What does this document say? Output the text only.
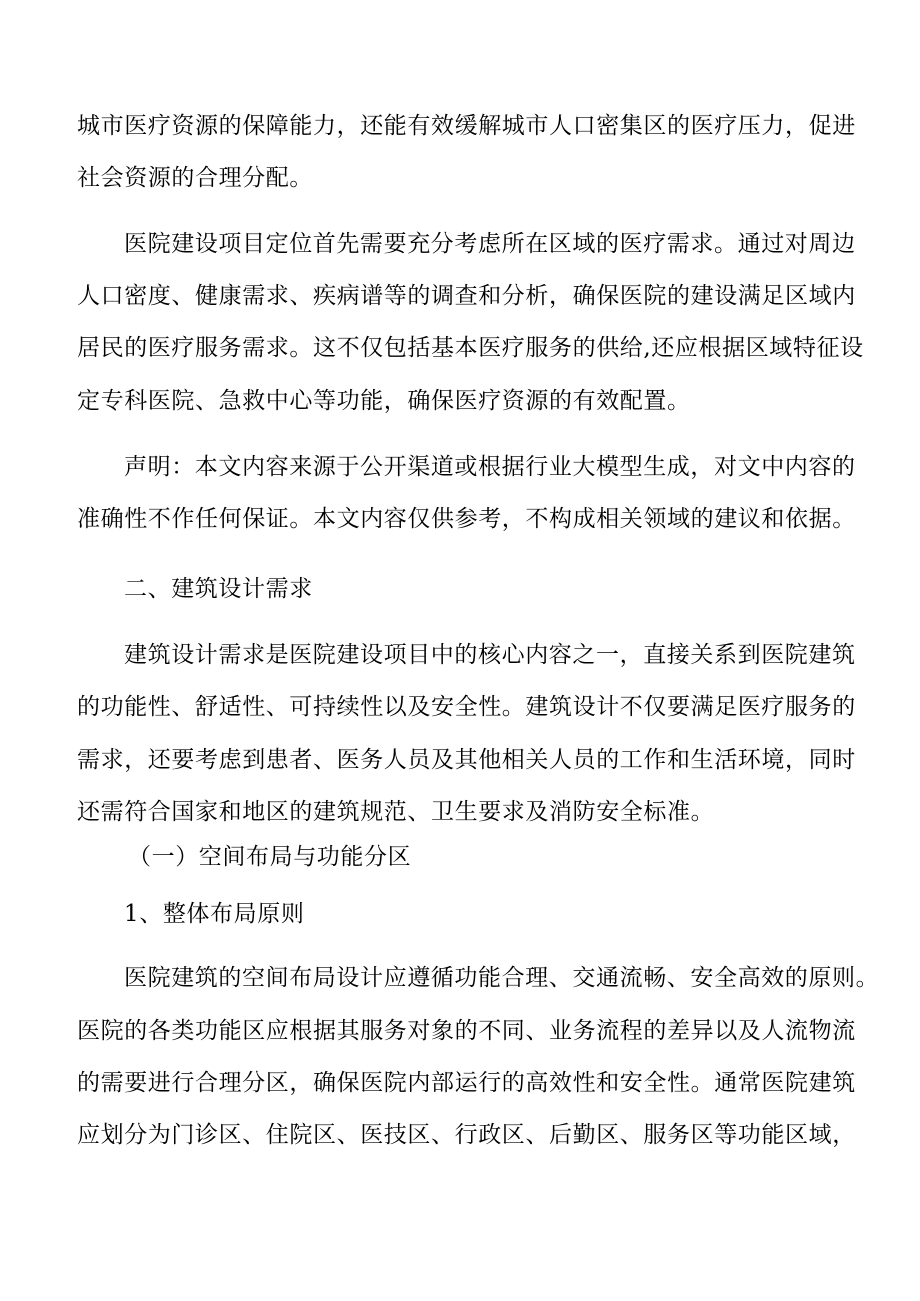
城市医疗资源的保障能力，还能有效缓解城市人口密集区的医疗压力，促进
社会资源的合理分配。
医院建设项目定位首先需要充分考虑所在区域的医疗需求。通过对周边
人口密度、健康需求、疾病谱等的调查和分析，确保医院的建设满足区域内
居民的医疗服务需求。这不仅包括基本医疗服务的供给,还应根据区域特征设
定专科医院、急救中心等功能，确保医疗资源的有效配置。
声明：本文内容来源于公开渠道或根据行业大模型生成，对文中内容的
准确性不作任何保证。本文内容仅供参考，不构成相关领域的建议和依据。
二、建筑设计需求
建筑设计需求是医院建设项目中的核心内容之一，直接关系到医院建筑
的功能性、舒适性、可持续性以及安全性。建筑设计不仅要满足医疗服务的
需求，还要考虑到患者、医务人员及其他相关人员的工作和生活环境，同时
还需符合国家和地区的建筑规范、卫生要求及消防安全标准。
（一）空间布局与功能分区
1、整体布局原则
医院建筑的空间布局设计应遵循功能合理、交通流畅、安全高效的原则。
医院的各类功能区应根据其服务对象的不同、业务流程的差异以及人流物流
的需要进行合理分区，确保医院内部运行的高效性和安全性。通常医院建筑
应划分为门诊区、住院区、医技区、行政区、后勤区、服务区等功能区域，
